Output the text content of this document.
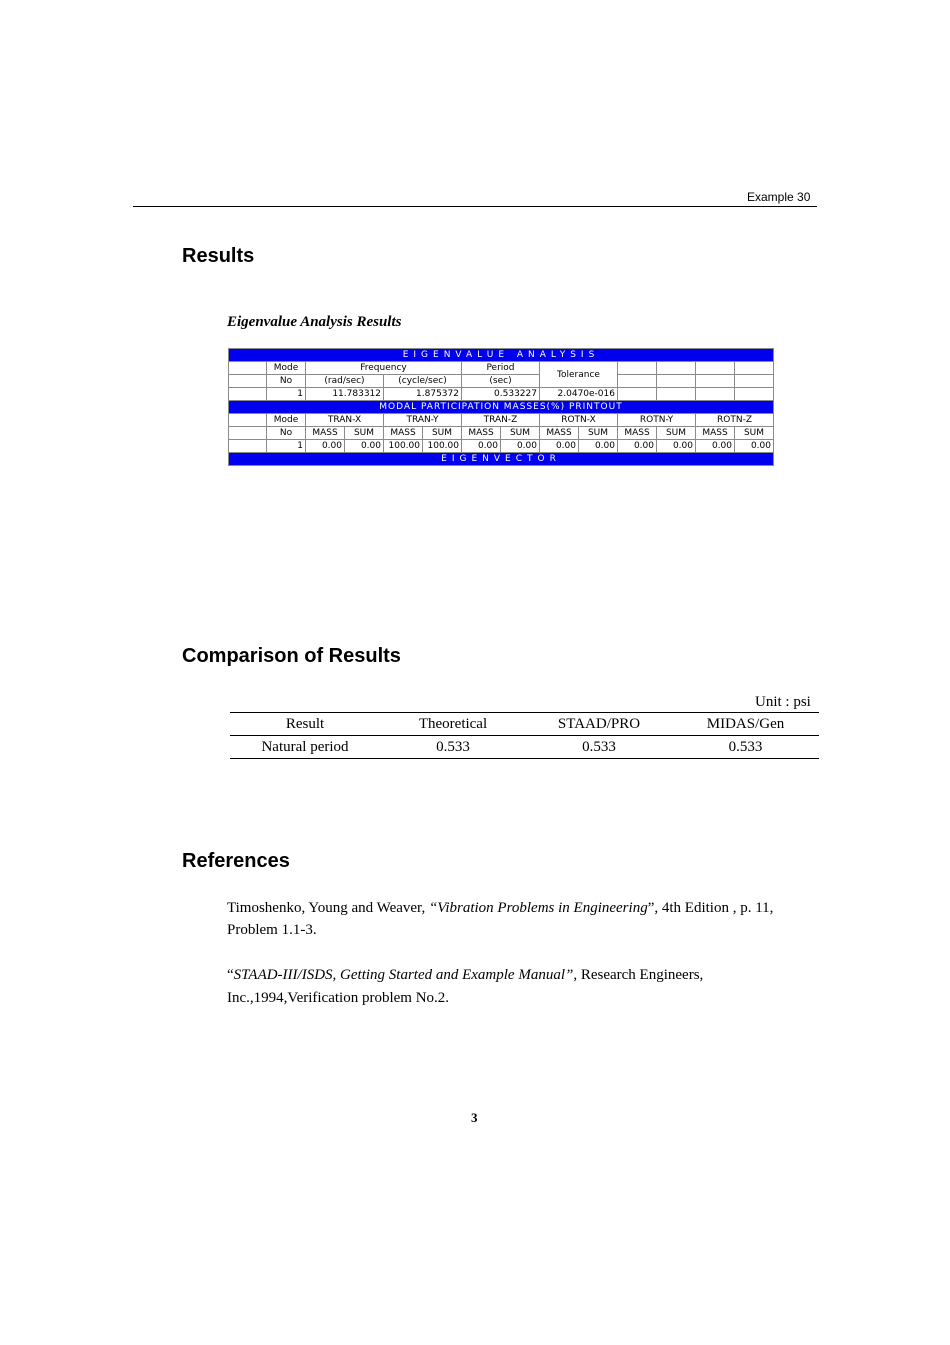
Example 30
Results
Eigenvalue Analysis Results
EIGENVALUE ANALYSIS													
	Mode	Frequency				Period		Tolerance					
	No	(rad/sec)		(cycle/sec)		(sec)							
	1	11.783312		1.875372		0.533227		2.0470e-016					
MODAL PARTICIPATION MASSES(%) PRINTOUT													
	Mode	TRAN-X		TRAN-Y		TRAN-Z		ROTN-X		ROTN-Y		ROTN-Z	
	No	MASS	SUM	MASS	SUM	MASS	SUM	MASS	SUM	MASS	SUM	MASS	SUM
	1	0.00	0.00	100.00	100.00	0.00	0.00	0.00	0.00	0.00	0.00	0.00	0.00
EIGENVECTOR													
Comparison of Results
Unit : psi
Result	Theoretical	STAAD/PRO	MIDAS/Gen
Natural period	0.533	0.533	0.533
References
Timoshenko, Young and Weaver, “Vibration Problems in Engineering”, 4th Edition , p. 11,
Problem 1.1-3.
“STAAD-III/ISDS, Getting Started and Example Manual”, Research Engineers,
Inc.,1994,Verification problem No.2.
3
